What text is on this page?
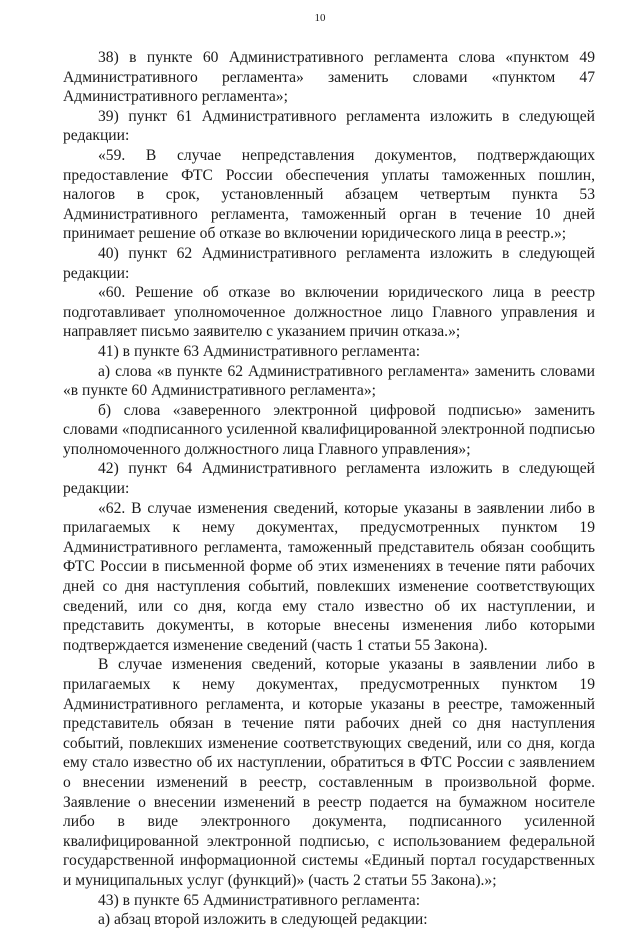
10

38) в пункте 60 Административного регламента слова «пунктом 49 Административного регламента» заменить словами «пунктом 47 Административного регламента»;

39) пункт 61 Административного регламента изложить в следующей редакции:

«59. В случае непредставления документов, подтверждающих предоставление ФТС России обеспечения уплаты таможенных пошлин, налогов в срок, установленный абзацем четвертым пункта 53 Административного регламента, таможенный орган в течение 10 дней принимает решение об отказе во включении юридического лица в реестр.»;

40) пункт 62 Административного регламента изложить в следующей редакции:

«60. Решение об отказе во включении юридического лица в реестр подготавливает уполномоченное должностное лицо Главного управления и направляет письмо заявителю с указанием причин отказа.»;

41) в пункте 63 Административного регламента:

а) слова «в пункте 62 Административного регламента» заменить словами «в пункте 60 Административного регламента»;

б) слова «заверенного электронной цифровой подписью» заменить словами «подписанного усиленной квалифицированной электронной подписью уполномоченного должностного лица Главного управления»;

42) пункт 64 Административного регламента изложить в следующей редакции:

«62. В случае изменения сведений, которые указаны в заявлении либо в прилагаемых к нему документах, предусмотренных пунктом 19 Административного регламента, таможенный представитель обязан сообщить ФТС России в письменной форме об этих изменениях в течение пяти рабочих дней со дня наступления событий, повлекших изменение соответствующих сведений, или со дня, когда ему стало известно об их наступлении, и представить документы, в которые внесены изменения либо которыми подтверждается изменение сведений (часть 1 статьи 55 Закона).

В случае изменения сведений, которые указаны в заявлении либо в прилагаемых к нему документах, предусмотренных пунктом 19 Административного регламента, и которые указаны в реестре, таможенный представитель обязан в течение пяти рабочих дней со дня наступления событий, повлекших изменение соответствующих сведений, или со дня, когда ему стало известно об их наступлении, обратиться в ФТС России с заявлением о внесении изменений в реестр, составленным в произвольной форме. Заявление о внесении изменений в реестр подается на бумажном носителе либо в виде электронного документа, подписанного усиленной квалифицированной электронной подписью, с использованием федеральной государственной информационной системы «Единый портал государственных и муниципальных услуг (функций)» (часть 2 статьи 55 Закона).»;

43) в пункте 65 Административного регламента:

а) абзац второй изложить в следующей редакции:
